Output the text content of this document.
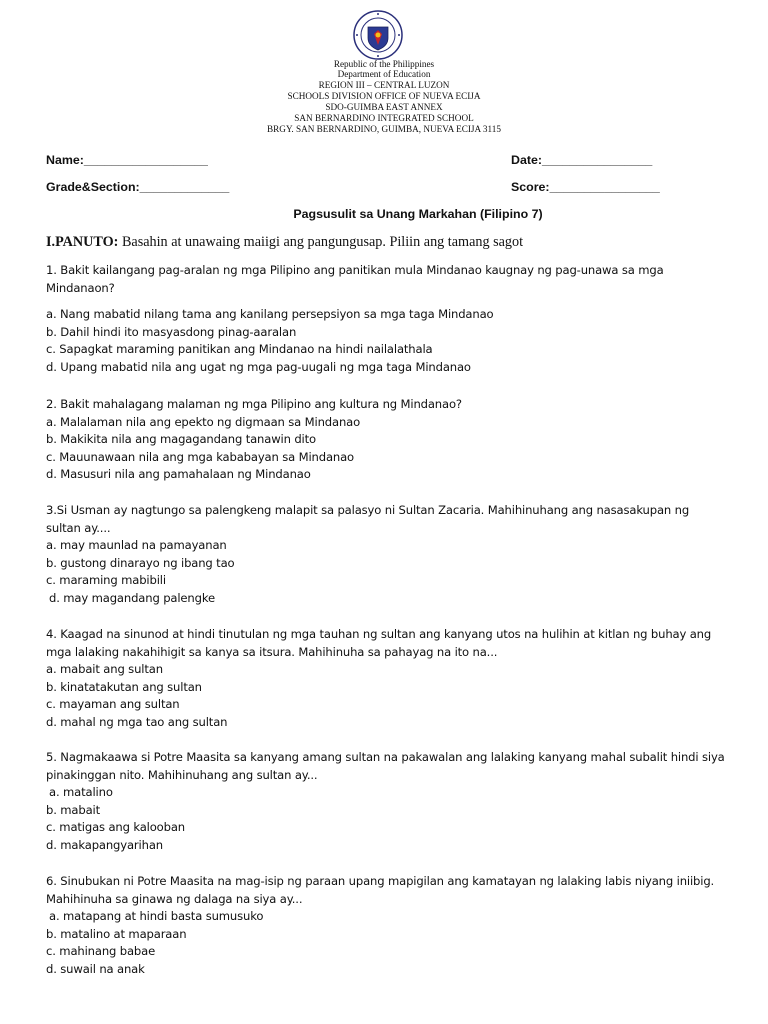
Republic of the Philippines
Department of Education
REGION III – CENTRAL LUZON
SCHOOLS DIVISION OFFICE OF NUEVA ECIJA
SDO-GUIMBA EAST ANNEX
SAN BERNARDINO INTEGRATED SCHOOL
BRGY. SAN BERNARDINO, GUIMBA, NUEVA ECIJA 3115
Name:__________________	Date:________________
Grade&Section:_____________	Score:________________
Pagsusulit sa Unang Markahan (Filipino 7)
I.PANUTO: Basahin at unawaing maiigi ang pangungusap. Piliin ang tamang sagot
1. Bakit kailangang pag-aralan ng mga Pilipino ang panitikan mula Mindanao kaugnay ng pag-unawa sa mga Mindanaon?
a. Nang mabatid nilang tama ang kanilang persepsiyon sa mga taga Mindanao
b. Dahil hindi ito masyasdong pinag-aaralan
c. Sapagkat maraming panitikan ang Mindanao na hindi nailalathala
d. Upang mabatid nila ang ugat ng mga pag-uugali ng mga taga Mindanao
2. Bakit mahalagang malaman ng mga Pilipino ang kultura ng Mindanao?
a. Malalaman nila ang epekto ng digmaan sa Mindanao
b. Makikita nila ang magagandang tanawin dito
c. Mauunawaan nila ang mga kababayan sa Mindanao
d. Masusuri nila ang pamahalaan ng Mindanao
3.Si Usman ay nagtungo sa palengkeng malapit sa palasyo ni Sultan Zacaria. Mahihinuhang ang nasasakupan ng sultan ay....
a. may maunlad na pamayanan
b. gustong dinarayo ng ibang tao
c. maraming mabibili
d. may magandang palengke
4. Kaagad na sinunod at hindi tinutulan ng mga tauhan ng sultan ang kanyang utos na hulihin at kitlan ng buhay ang mga lalaking nakahihigit sa kanya sa itsura. Mahihinuha sa pahayag na ito na...
a. mabait ang sultan
b. kinatatakutan ang sultan
c. mayaman ang sultan
d. mahal ng mga tao ang sultan
5. Nagmakaawa si Potre Maasita sa kanyang amang sultan na pakawalan ang lalaking kanyang mahal subalit hindi siya pinakinggan nito. Mahihinuhang ang sultan ay...
a. matalino
b. mabait
c. matigas ang kalooban
d. makapangyarihan
6. Sinubukan ni Potre Maasita na mag-isip ng paraan upang mapigilan ang kamatayan ng lalaking labis niyang iniibig. Mahihinuha sa ginawa ng dalaga na siya ay...
a. matapang at hindi basta sumusuko
b. matalino at maparaan
c. mahinang babae
d. suwail na anak
